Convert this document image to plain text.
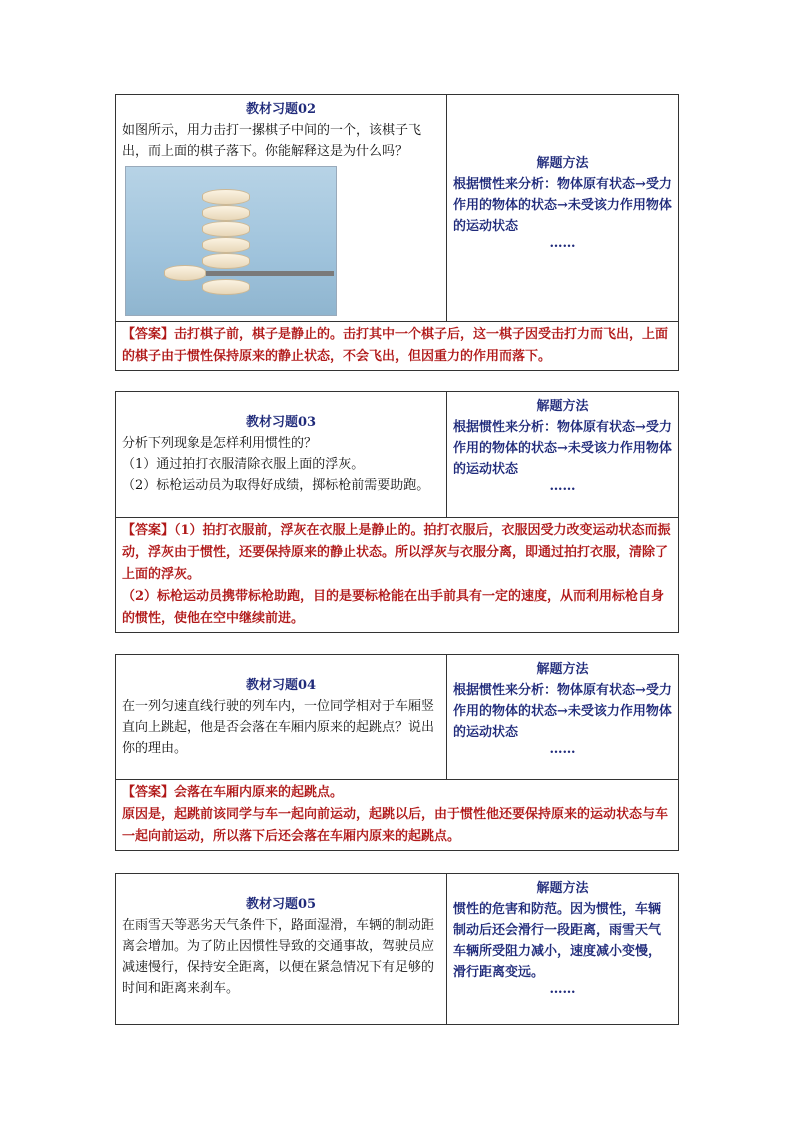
教材习题02
如图所示，用力击打一摞棋子中间的一个，该棋子飞出，而上面的棋子落下。你能解释这是为什么吗？
解题方法
根据惯性来分析：物体原有状态→受力作用的物体的状态→未受该力作用物体的运动状态
……
【答案】击打棋子前，棋子是静止的。击打其中一个棋子后，这一棋子因受击打力而飞出，上面的棋子由于惯性保持原来的静止状态，不会飞出，但因重力的作用而落下。
教材习题03
分析下列现象是怎样利用惯性的？
（1）通过拍打衣服清除衣服上面的浮灰。
（2）标枪运动员为取得好成绩，掷标枪前需要助跑。
解题方法
根据惯性来分析：物体原有状态→受力作用的物体的状态→未受该力作用物体的运动状态
……
【答案】（1）拍打衣服前，浮灰在衣服上是静止的。拍打衣服后，衣服因受力改变运动状态而振动，浮灰由于惯性，还要保持原来的静止状态。所以浮灰与衣服分离，即通过拍打衣服，清除了上面的浮灰。
（2）标枪运动员携带标枪助跑，目的是要标枪能在出手前具有一定的速度，从而利用标枪自身的惯性，使他在空中继续前进。
教材习题04
在一列匀速直线行驶的列车内，一位同学相对于车厢竖直向上跳起，他是否会落在车厢内原来的起跳点？说出你的理由。
解题方法
根据惯性来分析：物体原有状态→受力作用的物体的状态→未受该力作用物体的运动状态
……
【答案】会落在车厢内原来的起跳点。
原因是，起跳前该同学与车一起向前运动，起跳以后，由于惯性他还要保持原来的运动状态与车一起向前运动，所以落下后还会落在车厢内原来的起跳点。
教材习题05
在雨雪天等恶劣天气条件下，路面湿滑，车辆的制动距离会增加。为了防止因惯性导致的交通事故，驾驶员应减速慢行，保持安全距离，以便在紧急情况下有足够的时间和距离来刹车。
解题方法
惯性的危害和防范。因为惯性，车辆制动后还会滑行一段距离，雨雪天气车辆所受阻力减小，速度减小变慢，滑行距离变远。
……
